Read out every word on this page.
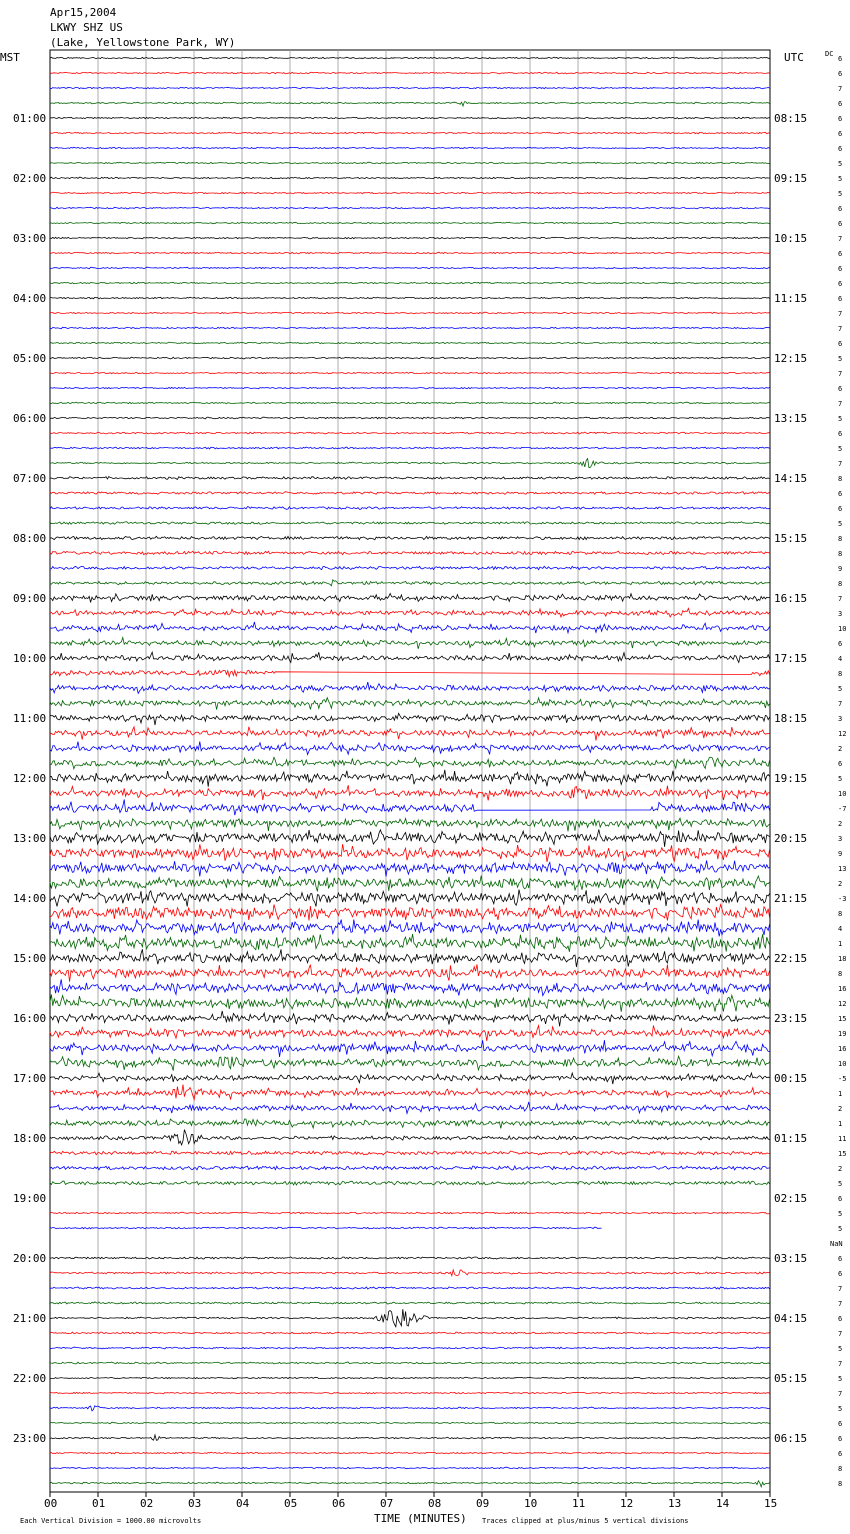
Apr15,2004
LKWY SHZ US
(Lake, Yellowstone Park, WY)
MST	UTC	DC
NaN
01:00
02:00
03:00
04:00
05:00
06:00
07:00
08:00
09:00
10:00
11:00
12:00
13:00
14:00
15:00
16:00
17:00
18:00
19:00
20:00
21:00
22:00
23:00
08:15
09:15
10:15
11:15
12:15
13:15
14:15
15:15
16:15
17:15
18:15
19:15
20:15
21:15
22:15
23:15
00:15
01:15
02:15
03:15
04:15
05:15
06:15
6
6
7
6
6
6
6
5
5
5
6
6
7
6
6
6
6
7
7
6
5
7
6
7
5
6
5
7
8
6
6
5
8
8
9
8
7
3
10
6
4
8
5
7
3
12
2
6
5
10
-7
2
3
9
13
2
-3
8
4
1
18
8
16
12
15
19
16
10
-5
1
2
1
11
15
2
5
6
5
5
6
6
7
7
6
7
5
7
5
7
5
6
6
6
8
8
00	01	02	03	04	05	06	07	08	09	10	11	12	13	14	15
TIME (MINUTES)
Each Vertical Division = 1000.00 microvolts	Traces clipped at plus/minus 5 vertical divisions
